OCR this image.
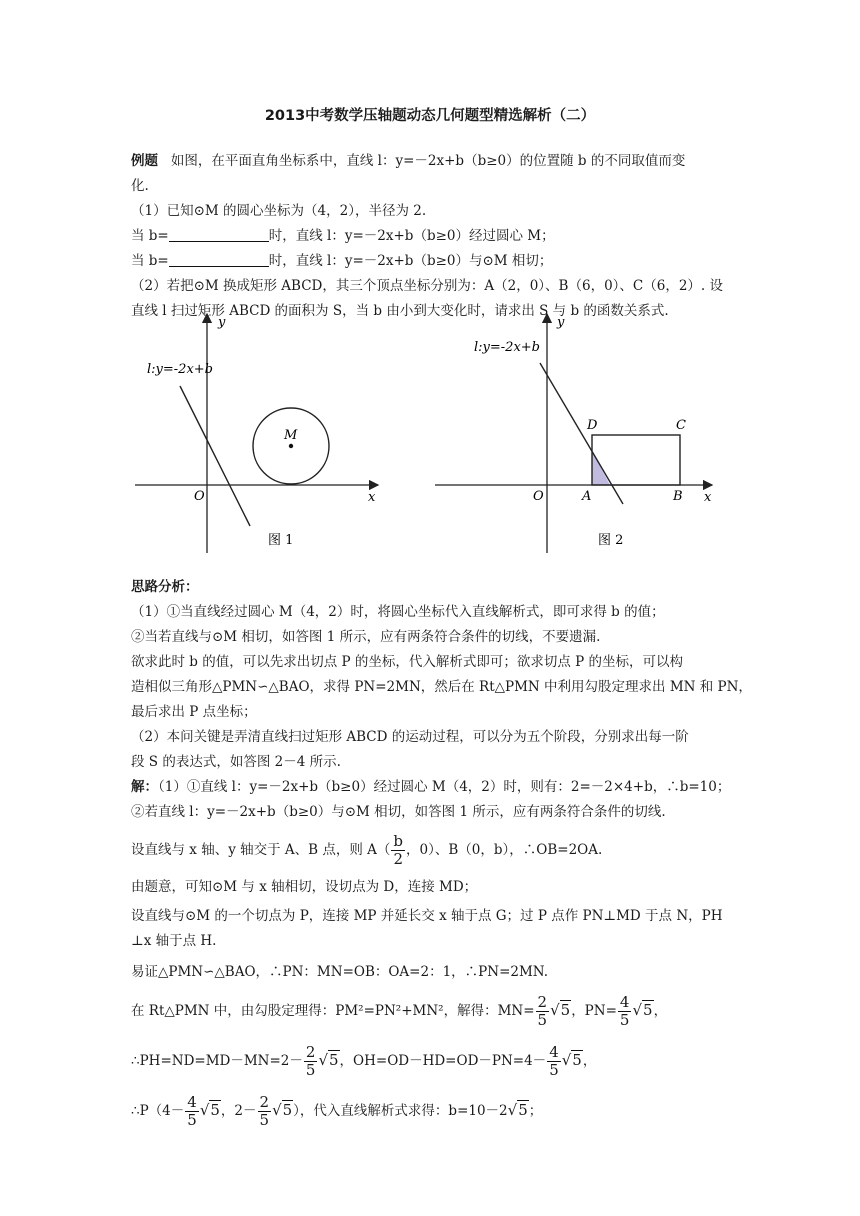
2013中考数学压轴题动态几何题型精选解析（二）
例题 如图，在平面直角坐标系中，直线 l：y=－2x+b（b≥0）的位置随 b 的不同取值而变
化.
（1）已知⊙M 的圆心坐标为（4，2），半径为 2.
当 b=	时，直线 l：y=－2x+b（b≥0）经过圆心 M；
当 b=	时，直线 l：y=－2x+b（b≥0）与⊙M 相切；
（2）若把⊙M 换成矩形 ABCD，其三个顶点坐标分别为：A（2，0）、B（6，0）、C（6，2）. 设
直线 l 扫过矩形 ABCD 的面积为 S，当 b 由小到大变化时，请求出 S 与 b 的函数关系式.
l:y=-2x+b
y
x
O
M
图 1
l:y=-2x+b
y
x
O
D	C
A	B
图 2
思路分析：
（1）①当直线经过圆心 M（4，2）时，将圆心坐标代入直线解析式，即可求得 b 的值；
②当若直线与⊙M 相切，如答图 1 所示，应有两条符合条件的切线，不要遗漏.
欲求此时 b 的值，可以先求出切点 P 的坐标，代入解析式即可；欲求切点 P 的坐标，可以构
造相似三角形△PMN∽△BAO，求得 PN=2MN，然后在 Rt△PMN 中利用勾股定理求出 MN 和 PN，
最后求出 P 点坐标；
（2）本问关键是弄清直线扫过矩形 ABCD 的运动过程，可以分为五个阶段，分别求出每一阶
段 S 的表达式，如答图 2－4 所示.
解：（1）①直线 l：y=－2x+b（b≥0）经过圆心 M（4，2）时，则有：2=－2×4+b，∴b=10；
②若直线 l：y=－2x+b（b≥0）与⊙M 相切，如答图 1 所示，应有两条符合条件的切线.
设直线与 x 轴、y 轴交于 A、B 点，则 $A( \frac{b}{2}$ ，0）、B（0，b），∴OB=2OA.
由题意，可知⊙M 与 x 轴相切，设切点为 D，连接 MD；
设直线与⊙M 的一个切点为 P，连接 MP 并延长交 x 轴于点 G；过 P 点作 PN⊥MD 于点 N，PH
⊥x 轴于点 H.
易证△PMN∽△BAO，∴PN：MN=OB：OA=2：1，∴PN=2MN.
在 Rt△PMN 中，由勾股定理得：PM²=PN²+MN²，解得：$MN= \frac{2}{5} √5$，$PN= \frac{4}{5} √5$，
∴PH=ND=MD－MN=2－ $\frac{2}{5} √5$，$OH=OD-HD=OD-PN=4- \frac{4}{5} √5$，
∴P（4－ $\frac{4}{5} √5$，$2- \frac{2}{5} √5$），代入直线解析式求得：b=10－2√5；
